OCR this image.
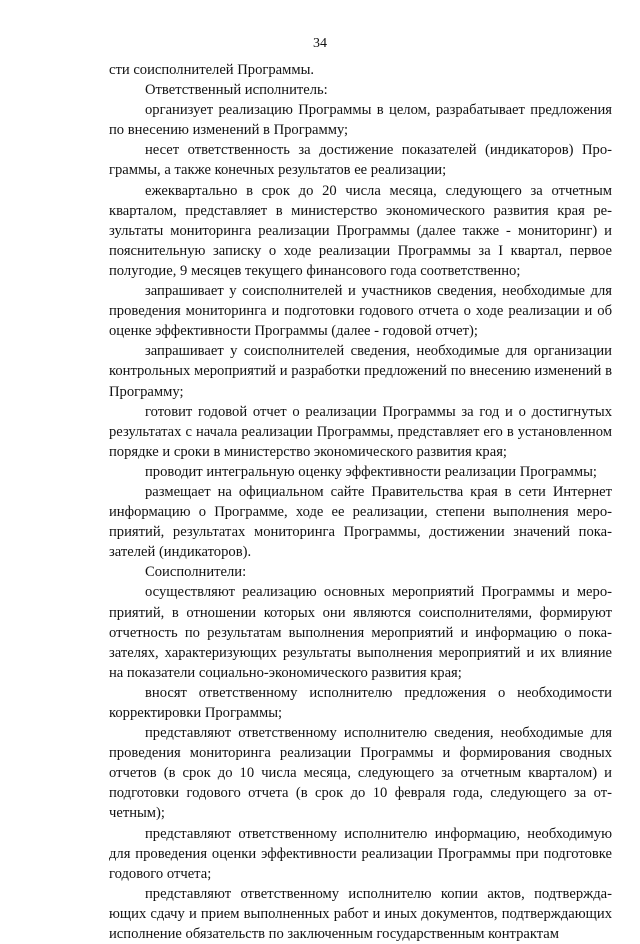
34

сти соисполнителей Программы.

Ответственный исполнитель:

организует реализацию Программы в целом, разрабатывает предложения по внесению изменений в Программу;

несет ответственность за достижение показателей (индикаторов) Программы, а также конечных результатов ее реализации;

ежеквартально в срок до 20 числа месяца, следующего за отчетным кварталом, представляет в министерство экономического развития края результаты мониторинга реализации Программы (далее также - мониторинг) и пояснительную записку о ходе реализации Программы за I квартал, первое полугодие, 9 месяцев текущего финансового года соответственно;

запрашивает у соисполнителей и участников сведения, необходимые для проведения мониторинга и подготовки годового отчета о ходе реализации и об оценке эффективности Программы (далее - годовой отчет);

запрашивает у соисполнителей сведения, необходимые для организации контрольных мероприятий и разработки предложений по внесению изменений в Программу;

готовит годовой отчет о реализации Программы за год и о достигнутых результатах с начала реализации Программы, представляет его в установленном порядке и сроки в министерство экономического развития края;

проводит интегральную оценку эффективности реализации Программы;

размещает на официальном сайте Правительства края в сети Интернет информацию о Программе, ходе ее реализации, степени выполнения мероприятий, результатах мониторинга Программы, достижении значений показателей (индикаторов).

Соисполнители:

осуществляют реализацию основных мероприятий Программы и мероприятий, в отношении которых они являются соисполнителями, формируют отчетность по результатам выполнения мероприятий и информацию о показателях, характеризующих результаты выполнения мероприятий и их влияние на показатели социально-экономического развития края;

вносят ответственному исполнителю предложения о необходимости корректировки Программы;

представляют ответственному исполнителю сведения, необходимые для проведения мониторинга реализации Программы и формирования сводных отчетов (в срок до 10 числа месяца, следующего за отчетным кварталом) и подготовки годового отчета (в срок до 10 февраля года, следующего за отчетным);

представляют ответственному исполнителю информацию, необходимую для проведения оценки эффективности реализации Программы при подготовке годового отчета;

представляют ответственному исполнителю копии актов, подтверждающих сдачу и прием выполненных работ и иных документов, подтверждающих исполнение обязательств по заключенным государственным контрактам
